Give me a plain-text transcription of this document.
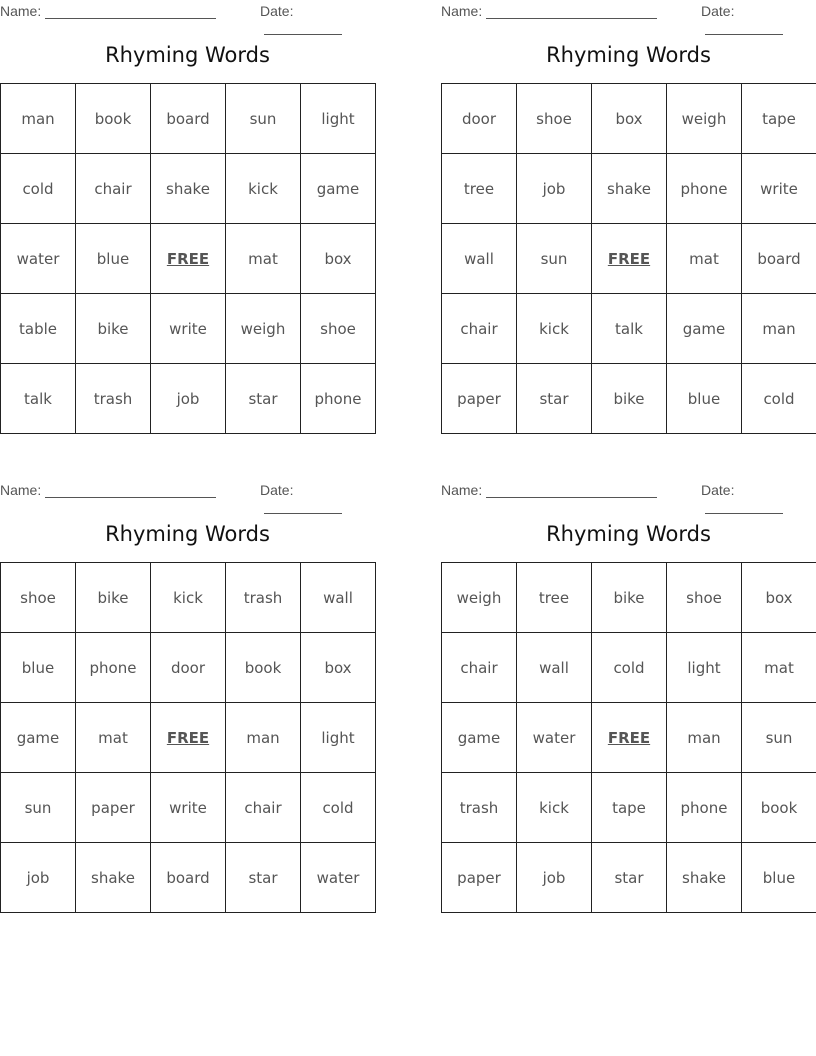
Name:	Date:
Rhyming Words
man	book	board	sun	light
cold	chair	shake	kick	game
water	blue	FREE	mat	box
table	bike	write	weigh	shoe
talk	trash	job	star	phone
Name:	Date:
Rhyming Words
door	shoe	box	weigh	tape
tree	job	shake	phone	write
wall	sun	FREE	mat	board
chair	kick	talk	game	man
paper	star	bike	blue	cold
Name:	Date:
Rhyming Words
shoe	bike	kick	trash	wall
blue	phone	door	book	box
game	mat	FREE	man	light
sun	paper	write	chair	cold
job	shake	board	star	water
Name:	Date:
Rhyming Words
weigh	tree	bike	shoe	box
chair	wall	cold	light	mat
game	water	FREE	man	sun
trash	kick	tape	phone	book
paper	job	star	shake	blue
